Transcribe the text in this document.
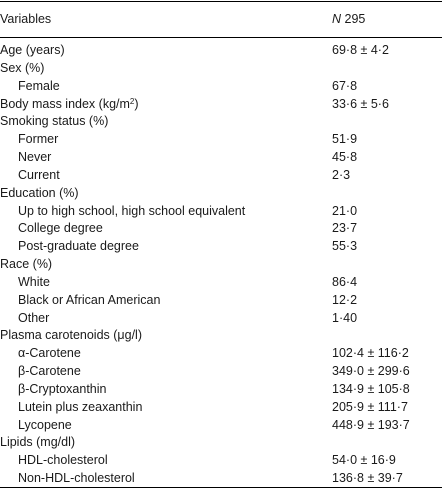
Variables	N 295
Age (years)	69·8 ± 4·2
Sex (%)
Female	67·8
Body mass index $(kg/m^2)$	33·6 ± 5·6
Smoking status (%)
Former	51·9
Never	45·8
Current	2·3
Education (%)
Up to high school, high school equivalent	21·0
College degree	23·7
Post-graduate degree	55·3
Race (%)
White	86·4
Black or African American	12·2
Other	1·40
Plasma carotenoids (μg/l)
α-Carotene	102·4 ± 116·2
β-Carotene	349·0 ± 299·6
β-Cryptoxanthin	134·9 ± 105·8
Lutein plus zeaxanthin	205·9 ± 111·7
Lycopene	448·9 ± 193·7
Lipids (mg/dl)
HDL-cholesterol	54·0 ± 16·9
Non-HDL-cholesterol	136·8 ± 39·7
